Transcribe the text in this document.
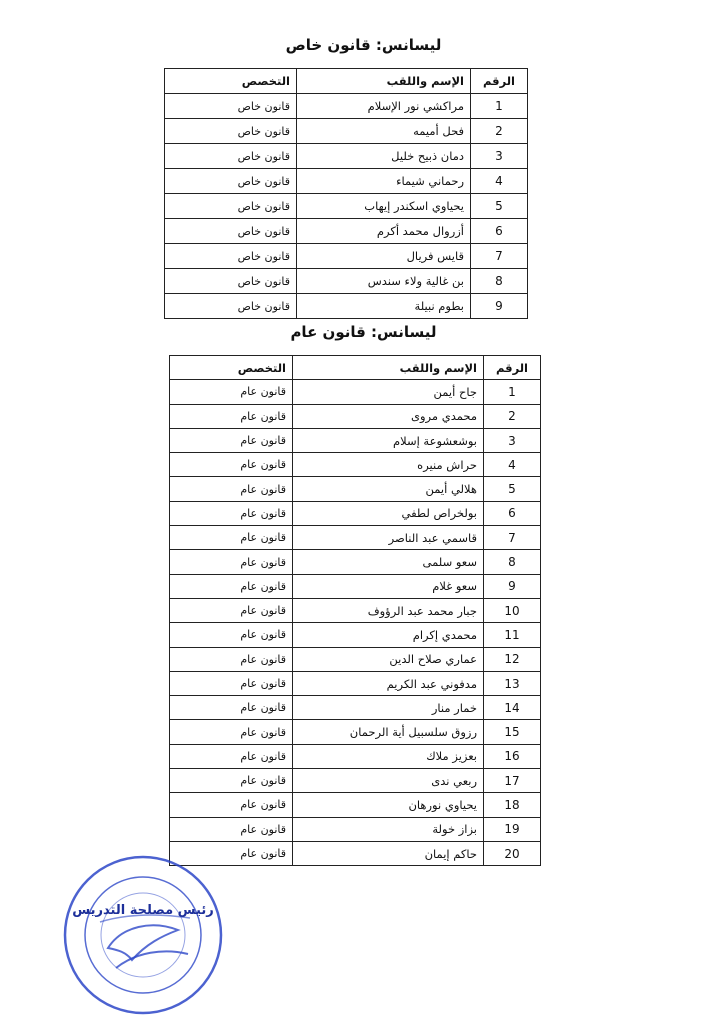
ليسانس: قانون خاص
الرقم	الإسم واللقب	التخصص
1	مراكشي نور الإسلام	قانون خاص
2	فحل أميمه	قانون خاص
3	دمان ذبيح خليل	قانون خاص
4	رحماني شيماء	قانون خاص
5	يحياوي اسكندر إيهاب	قانون خاص
6	أزروال محمد أكرم	قانون خاص
7	قايس فريال	قانون خاص
8	بن غالية ولاء سندس	قانون خاص
9	بطوم نبيلة	قانون خاص
ليسانس: قانون عام
الرقم	الإسم واللقب	التخصص
1	جاح أيمن	قانون عام
2	محمدي مروى	قانون عام
3	بوشعشوعة إسلام	قانون عام
4	حراش منيره	قانون عام
5	هلالي أيمن	قانون عام
6	بولخراص لطفي	قانون عام
7	قاسمي عبد الناصر	قانون عام
8	سعو سلمى	قانون عام
9	سعو غلام	قانون عام
10	جبار محمد عبد الرؤوف	قانون عام
11	محمدي إكرام	قانون عام
12	عماري صلاح الدين	قانون عام
13	مدفوني عبد الكريم	قانون عام
14	خمار منار	قانون عام
15	رزوق سلسبيل أية الرحمان	قانون عام
16	بعزيز ملاك	قانون عام
17	ربعي ندى	قانون عام
18	يحياوي نورهان	قانون عام
19	بزاز خولة	قانون عام
20	حاكم إيمان	قانون عام
رئيس مصلحة التدريس
